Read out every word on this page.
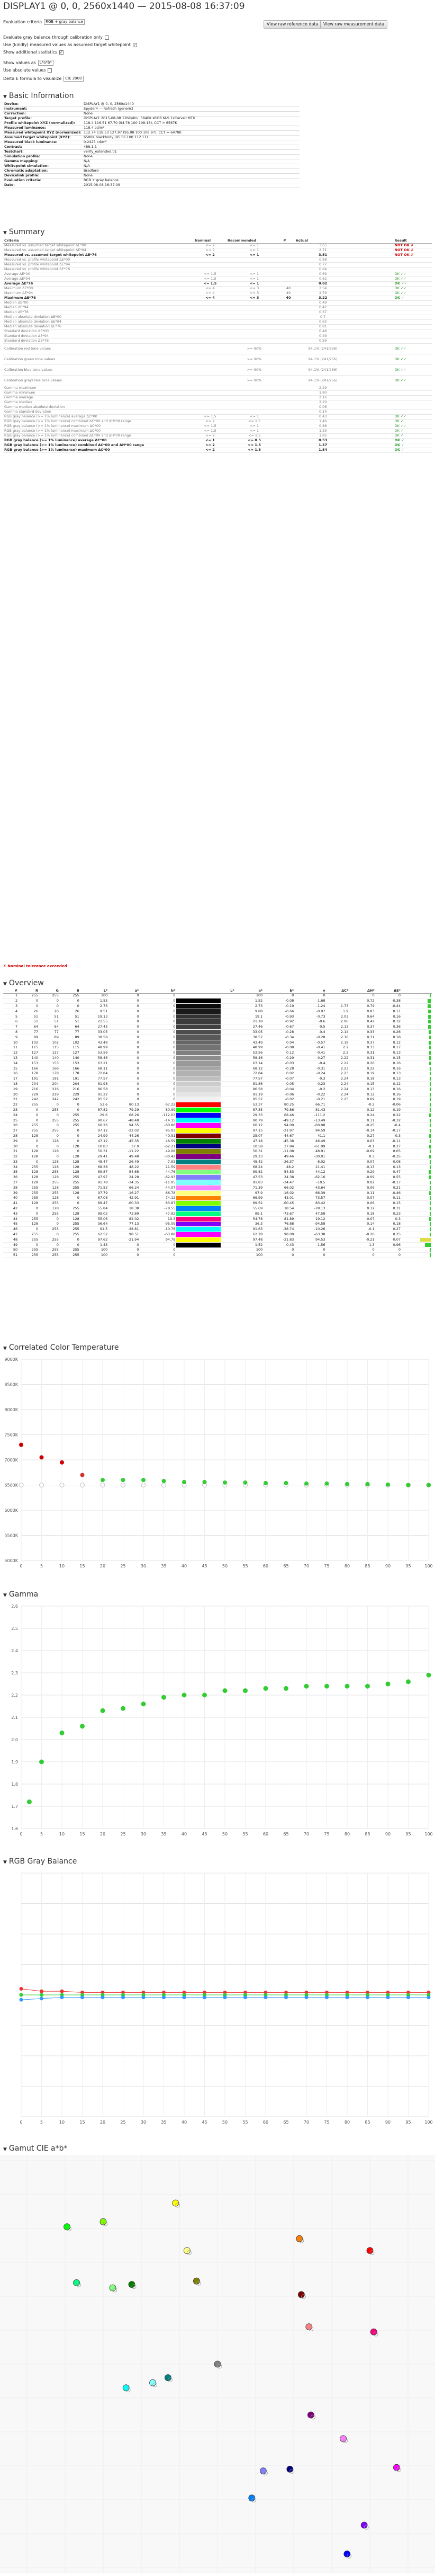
DISPLAY1 @ 0, 0, 2560x1440 — 2015-08-08 16:37:09
View raw reference data	View raw measurement data
Evaluation criteria	RGB + gray balance
Evaluate gray balance through calibration only
Use (kindly) measured values as assumed target whitepoint ✓
Show additional statistics ✓
Show values as	L*a*b*
Use absolute values
Delta E formula to visualize	CIE 2000
▼ Basic Information
Device:	DISPLAY1 @ 0, 0, 2560x1440
Instrument:	Spyder4 — Refresh (generic)
Correction:	None
Target profile:	DISPLAY1 2015-08-08 12bit/dm_ 3840K sRGB M-S 1xCurve+MTX
Profile whitepoint XYZ (normalized):	118.4 116.51 67.70 (94.78 100 108.18), CCT = 6567K
Measured luminance:	118.4 cd/m²
Measured whitepoint XYZ (normalized):	112.74 118.53 127.97 (95.08 100 108 97), CCT = 6478K
Assumed target whitepoint (XYZ):	6500K blackbody (95.56 100 112.11)
Measured black luminance:	0.2425 cd/m²
Contrast:	488.1:1
Testchart:	verify_extended.ti1
Simulation profile:	None
Gamma mapping:	N/A
Whitepoint simulation:	N/A
Chromatic adaptation:	Bradford
Devicelink profile:	None
Evaluation criteria:	RGB + gray balance
Date:	2015-08-08 16:37:09
▼ Summary
Criteria	Nominal	Recommended	#	Actual		Result
Measured vs. assumed target whitepoint ΔE*00	<= 2	<= 1		3.65		NOT OK ✗
Measured vs. assumed target whitepoint ΔE*94	<= 2	<= 1		2.71		NOT OK ✗
Measured vs. assumed target whitepoint ΔE*76	<= 2	<= 1		3.51		NOT OK ✗
Measured vs. profile whitepoint ΔE*00				0.88		
Measured vs. profile whitepoint ΔE*94				0.77		
Measured vs. profile whitepoint ΔE*76				0.64		
Average ΔE*00	<= 1.5	<= 1		0.69		OK ✓✓
Average ΔE*94	<= 1.5	<= 1		0.62		OK ✓✓
Average ΔE*76	<= 1.5	<= 1		0.82		OK ✓✓
Maximum ΔE*00	<= 4	<= 3	48	2.54		OK ✓✓
Maximum ΔE*94	<= 4	<= 3	49	2.79		OK ✓✓
Maximum ΔE*76	<= 4	<= 3	40	3.22		OK ✓
Median ΔE*00				0.49		
Median ΔE*94				0.42		
Median ΔE*76				0.57		
Median absolute deviation ΔE*00				0.7		
Median absolute deviation ΔE*94				0.65		
Median absolute deviation ΔE*76				0.81		
Standard deviation ΔE*00				0.48		
Standard deviation ΔE*94				0.49		
Standard deviation ΔE*76				0.59		
Calibration red tone values		>= 90%		94.1% (241/256)		OK ✓✓
Calibration green tone values		>= 90%		94.1% (241/256)		OK ✓✓
Calibration blue tone values		>= 90%		94.1% (241/256)		OK ✓✓
Calibration grayscale tone values		>= 90%		94.1% (241/256)		OK ✓✓
Gamma maximum				2.29		
Gamma minimum				1.80		
Gamma average				2.16		
Gamma median				2.20		
Gamma median absolute deviation				0.06		
Gamma standard deviation				0.14		
RGB gray balance (>= 1% luminance) average ΔC*00	<= 1.5	<= 1		0.43		OK ✓✓
RGB gray balance (>= 1% luminance) combined ΔC*00 and ΔH*00 range	<= 2	<= 1.5		1.46		OK ✓
RGB gray balance (>= 1% luminance) maximum ΔC*00	<= 1.5	<= 1		0.88		OK ✓✓
RGB gray balance (>= 1% luminance) maximum ΔC*00	<= 1.5	<= 1		1.33		OK ✓
RGB gray balance (>= 1% luminance) combined ΔC*00 and ΔH*00 range	<= 2	<= 1.5		1.85		OK ✓
RGB gray balance (>= 1% luminance) average ΔC*00	<= 1	<= 0.5		0.53		OK ✓
RGB gray balance (>= 1% luminance) combined ΔC*00 and ΔH*00 range	<= 2	<= 1.5		1.37		OK ✓
RGB gray balance (>= 1% luminance) maximum ΔC*00	<= 2	<= 1.5		1.54		OK ✓
✗ Nominal tolerance exceeded
▼ Overview
#	R	G	B	L*	a*	b*			L*	a*	b*	γ	ΔC*	ΔH*	ΔE*	
1	255	255	255	100	0	0				100	0	0		0	0	

2	0	0	0	1.53	0	0				1.52	-0.08	-1.68		0.72	-0.38	

3	0	0	0	2.73	0	0				2.73	-0.19	-1.24	1.73	0.79	-0.44	

4	26	26	26	9.51	0	0				9.88	-0.66	-0.97	1.9	0.83	0.11	

5	51	51	51	19.13	0	0				19.1	-0.93	-0.73	2.03	0.64	0.16	

6	51	51	51	21.55	0	0				21.18	-0.92	-0.6	2.06	0.42	0.32	

7	64	64	64	27.45	0	0				27.46	-0.67	-0.5	2.13	0.37	0.36	

8	77	77	77	33.05	0	0				33.05	-0.28	-0.4	2.14	0.33	0.26	

9	89	89	89	38.58	0	0				38.57	-0.34	-0.28	2.16	0.31	0.18	

10	102	102	102	43.48	0	0				43.49	0.04	-0.57	2.19	0.37	0.12	

11	115	115	115	48.99	0	0				48.99	-0.08	-0.41	2.2	0.33	0.17	

12	127	127	127	53.59	0	0				53.56	0.12	-0.41	2.2	0.31	0.13	

13	140	140	140	58.46	0	0				58.46	-0.29	-0.27	2.22	0.31	0.15	

14	153	153	153	63.21	0	0				63.14	-0.03	-0.4	2.22	0.26	0.16	

15	166	166	166	68.11	0	0				68.12	-0.28	-0.31	2.23	0.22	0.16	

16	178	178	178	72.84	0	0				72.84	0.02	-0.24	2.23	0.19	0.13	

17	191	191	191	77.57	0	0				77.57	-0.07	-0.3	2.24	0.18	0.13	

18	204	204	204	81.98	0	0				81.86	-0.05	-0.23	2.24	0.15	0.12	

19	216	216	216	86.58	0	0				86.58	-0.04	-0.2	2.24	0.13	0.16	

20	229	229	229	91.22	0	0				91.19	-0.06	-0.22	2.24	0.12	0.16	

21	242	242	242	95.52	0	0				95.52	-0.02	-0.21	2.25	0.09	0.19	

22	255	0	0	53.6	80.13	67.22				53.37	80.25	66.71		-0.2	-0.06	

23	0	255	0	87.82	-79.29	80.99				87.85	-79.86	81.43		0.12	-0.19	

24	0	0	255	29.6	68.26	-112.03				29.33	68.46	-111.2		0.24	0.22	

25	0	255	255	90.67	-48.48	-14.15				90.79	-49.12	-13.49		0.11	-0.32	

26	255	0	255	60.26	94.55	-60.86				60.12	94.09	-60.08		-0.25	-0.4	

27	255	255	0	97.12	-22.02	95.03				97.15	-21.97	94.59		-0.14	-0.17	

28	128	0	0	24.99	44.26	40.91				25.07	44.67	41.1		0.27	-0.3	

29	0	128	0	47.12	-45.35	46.59				47.18	-45.38	46.49		0.03	-0.11	

30	0	0	128	10.83	37.9	-62.21				10.58	37.84	-61.99		-0.1	0.27	

31	128	128	0	50.31	-11.22	49.08				50.31	-11.08	48.91		-0.09	0.05	

32	128	0	128	29.41	49.48	-30.42				29.23	49.46	-30.01		0.3	-0.35	

33	0	128	128	48.47	-26.49	-7.93				48.42	-26.37	-8.02		0.07	-0.08	

34	255	128	128	68.38	48.22	21.59				68.24	48.2	21.41		-0.13	0.13	

35	128	255	128	89.87	-54.68	44.76				89.82	-54.83	44.12		-0.29	-0.47	

36	128	128	255	47.97	24.28	-62.93				47.53	24.38	-62.16		-0.09	0.55	

37	128	255	255	91.78	-34.35	-11.05				91.83	-34.47	-10.5		0.02	-0.17	

38	255	128	255	71.52	66.24	-44.07				71.39	66.02	-43.64		0.09	0.21	

39	255	255	128	97.79	-16.27	66.78				97.9	-16.02	66.39		0.11	-0.46	

40	255	128	0	67.08	42.91	74.12				66.99	43.01	73.57		-0.07	-0.11	

41	128	255	0	89.47	-60.33	83.87				89.52	-60.45	83.42		0.06	0.15	

42	0	128	255	55.84	18.38	-78.55				55.69	18.54	-78.13		0.12	0.31	

43	0	255	128	89.02	-73.89	47.92				89.1	-73.67	47.58		0.18	0.23	

44	255	0	128	55.06	82.02	19.3				54.78	81.89	19.12		-0.07	0.3	

45	128	0	255	36.64	77.13	-95.09				36.3	76.88	-94.58		0.14	0.18	

46	0	255	255	91.5	-38.81	-10.78				91.63	-38.74	-10.26		-0.1	0.27	

47	255	0	255	62.52	98.51	-63.88				62.28	98.09	-63.38		-0.26	0.25	

48	255	255	0	97.62	-21.94	94.79				97.48	-21.83	94.53		-0.21	0.07	

49	0	0	0	1.43	0	0				1.52	-0.43	-1.56		1.3	0.96	

50	255	255	255	100	0	0				100	0	0		0	0	

51	255	255	255	100	0	0				100	0	0		0	0	
▼ Correlated Color Temperature
9000K
8500K
8000K
7500K
7000K
6500K
6000K
5500K
5000K
0	5	10	15	20	25	30	35	40	45	50	55	60	65	70	75	80	85	90	95	100
▼ Gamma
2.6
2.5
2.4
2.3
2.2
2.1
2.0
1.9
1.8
1.7
1.6
0	5	10	15	20	25	30	35	40	45	50	55	60	65	70	75	80	85	90	95	100
▼ RGB Gray Balance
0	5	10	15	20	25	30	35	40	45	50	55	60	65	70	75	80	85	90	95	100
▼ Gamut CIE a*b*
